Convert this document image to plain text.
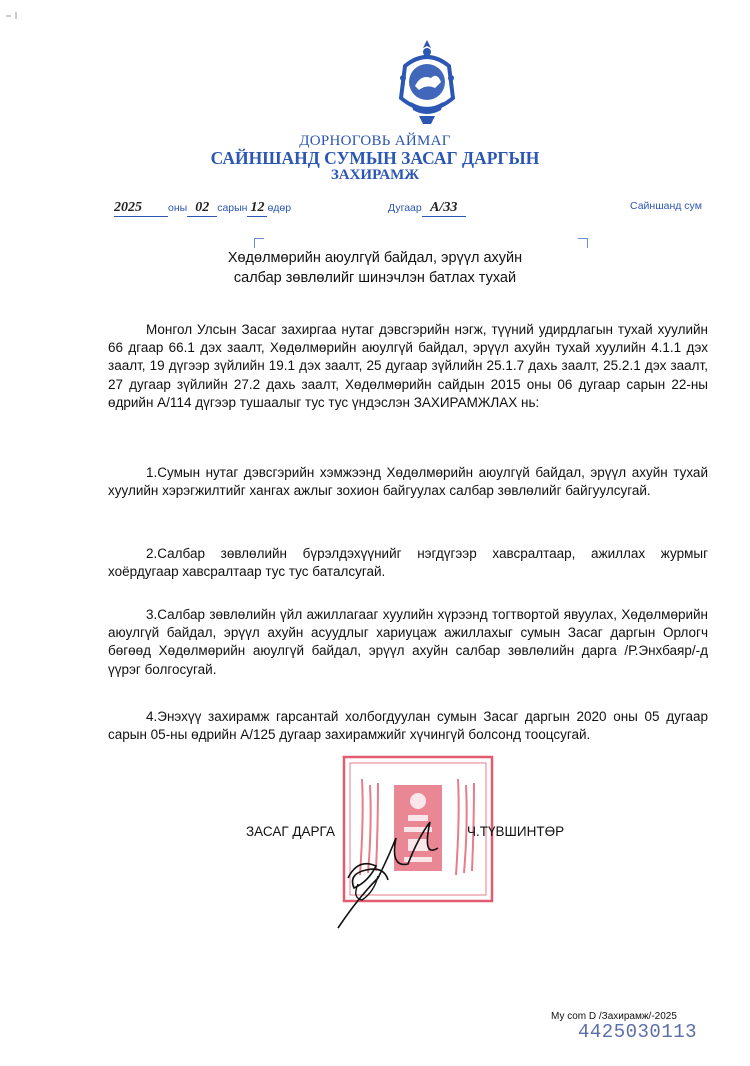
ДОРНОГОВЬ АЙМАГ
САЙНШАНД СУМЫН ЗАСАГ ДАРГЫН
ЗАХИРАМЖ
2025 оны 02 сарын 12 өдөр	Дугаар А/33	Сайншанд сум
Хөдөлмөрийн аюулгүй байдал, эрүүл ахуйн
салбар зөвлөлийг шинэчлэн батлах тухай
Монгол Улсын Засаг захиргаа нутаг дэвсгэрийн нэгж, түүний удирдлагын тухай хуулийн 66 дгаар 66.1 дэх заалт, Хөдөлмөрийн аюулгүй байдал, эрүүл ахуйн тухай хуулийн 4.1.1 дэх заалт, 19 дүгээр зүйлийн 19.1 дэх заалт, 25 дугаар зүйлийн 25.1.7 дахь заалт, 25.2.1 дэх заалт, 27 дугаар зүйлийн 27.2 дахь заалт, Хөдөлмөрийн сайдын 2015 оны 06 дугаар сарын 22-ны өдрийн А/114 дүгээр тушаалыг тус тус үндэслэн ЗАХИРАМЖЛАХ нь:
1.Сумын нутаг дэвсгэрийн хэмжээнд Хөдөлмөрийн аюулгүй байдал, эрүүл ахуйн тухай хуулийн хэрэгжилтийг хангах ажлыг зохион байгуулах салбар зөвлөлийг байгуулсугай.
2.Салбар зөвлөлийн бүрэлдэхүүнийг нэгдүгээр хавсралтаар, ажиллах журмыг хоёрдугаар хавсралтаар тус тус баталсугай.
3.Салбар зөвлөлийн үйл ажиллагааг хуулийн хүрээнд тогтвортой явуулах, Хөдөлмөрийн аюулгүй байдал, эрүүл ахуйн асуудлыг хариуцаж ажиллахыг сумын Засаг даргын Орлогч бөгөөд Хөдөлмөрийн аюулгүй байдал, эрүүл ахуйн салбар зөвлөлийн дарга /Р.Энхбаяр/-д үүрэг болгосугай.
4.Энэхүү захирамж гарсантай холбогдуулан сумын Засаг даргын 2020 оны 05 дугаар сарын 05-ны өдрийн А/125 дугаар захирамжийг хүчингүй болсонд тооцсугай.
ЗАСАГ ДАРГА	Ч.ТҮВШИНТӨР
Му com D /Захирамж/-2025
4425030113
